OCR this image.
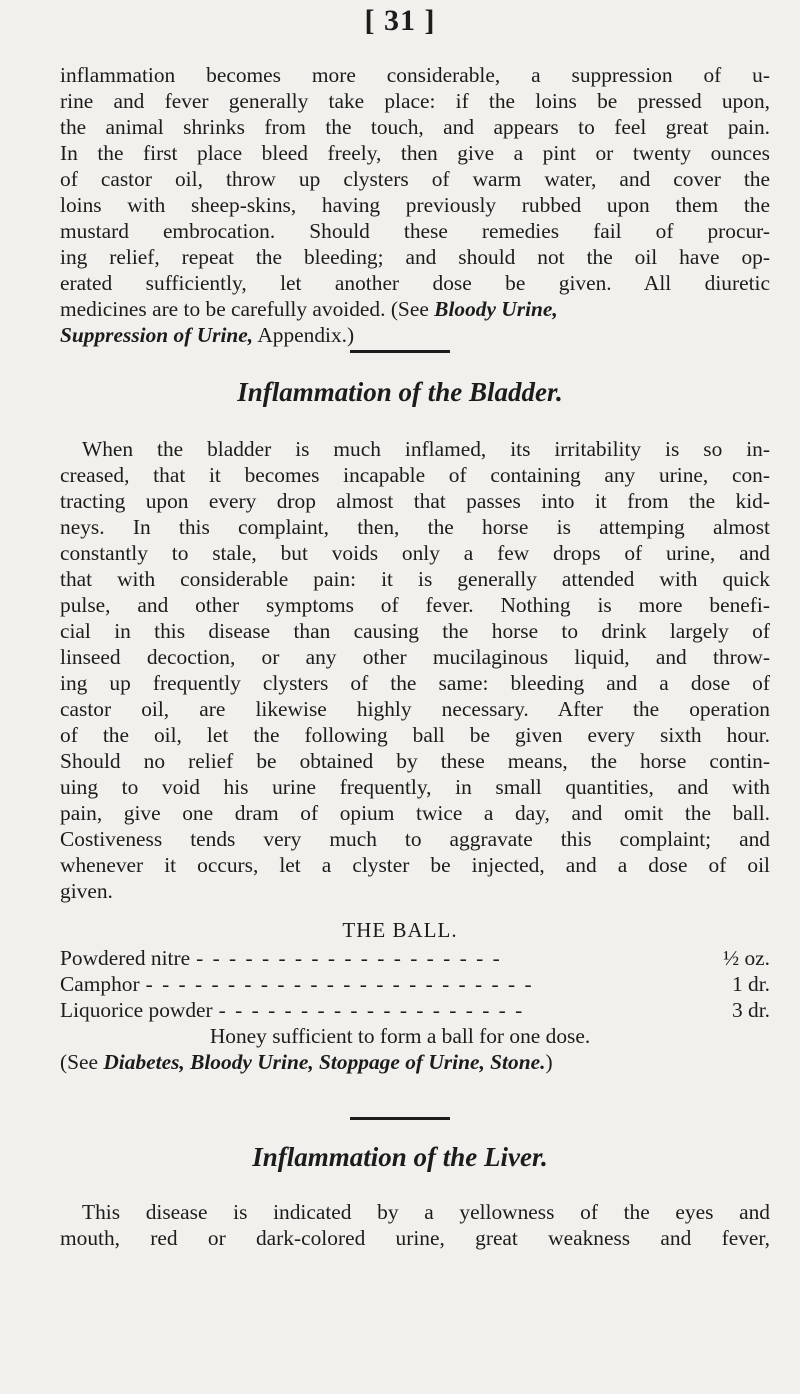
[ 31 ]
inflammation becomes more considerable, a suppression of u-
rine and fever generally take place: if the loins be pressed upon,
the animal shrinks from the touch, and appears to feel great pain.
In the first place bleed freely, then give a pint or twenty ounces
of castor oil, throw up clysters of warm water, and cover the
loins with sheep-skins, having previously rubbed upon them the
mustard embrocation. Should these remedies fail of procur-
ing relief, repeat the bleeding; and should not the oil have op-
erated sufficiently, let another dose be given. All diuretic
medicines are to be carefully avoided. (See Bloody Urine,
Suppression of Urine, Appendix.)
Inflammation of the Bladder.
When the bladder is much inflamed, its irritability is so in-
creased, that it becomes incapable of containing any urine, con-
tracting upon every drop almost that passes into it from the kid-
neys. In this complaint, then, the horse is attemping almost
constantly to stale, but voids only a few drops of urine, and
that with considerable pain: it is generally attended with quick
pulse, and other symptoms of fever. Nothing is more benefi-
cial in this disease than causing the horse to drink largely of
linseed decoction, or any other mucilaginous liquid, and throw-
ing up frequently clysters of the same: bleeding and a dose of
castor oil, are likewise highly necessary. After the operation
of the oil, let the following ball be given every sixth hour.
Should no relief be obtained by these means, the horse contin-
uing to void his urine frequently, in small quantities, and with
pain, give one dram of opium twice a day, and omit the ball.
Costiveness tends very much to aggravate this complaint; and
whenever it occurs, let a clyster be injected, and a dose of oil
given.
THE BALL.
Powdered nitre - - - - - - - - - - - - - - - - - - -	½ oz.
Camphor - - - - - - - - - - - - - - - - - - - - - - - -	1 dr.
Liquorice powder - - - - - - - - - - - - - - - - - - -	3 dr.
Honey sufficient to form a ball for one dose.
(See Diabetes, Bloody Urine, Stoppage of Urine, Stone.)
Inflammation of the Liver.
This disease is indicated by a yellowness of the eyes and
mouth, red or dark-colored urine, great weakness and fever,
